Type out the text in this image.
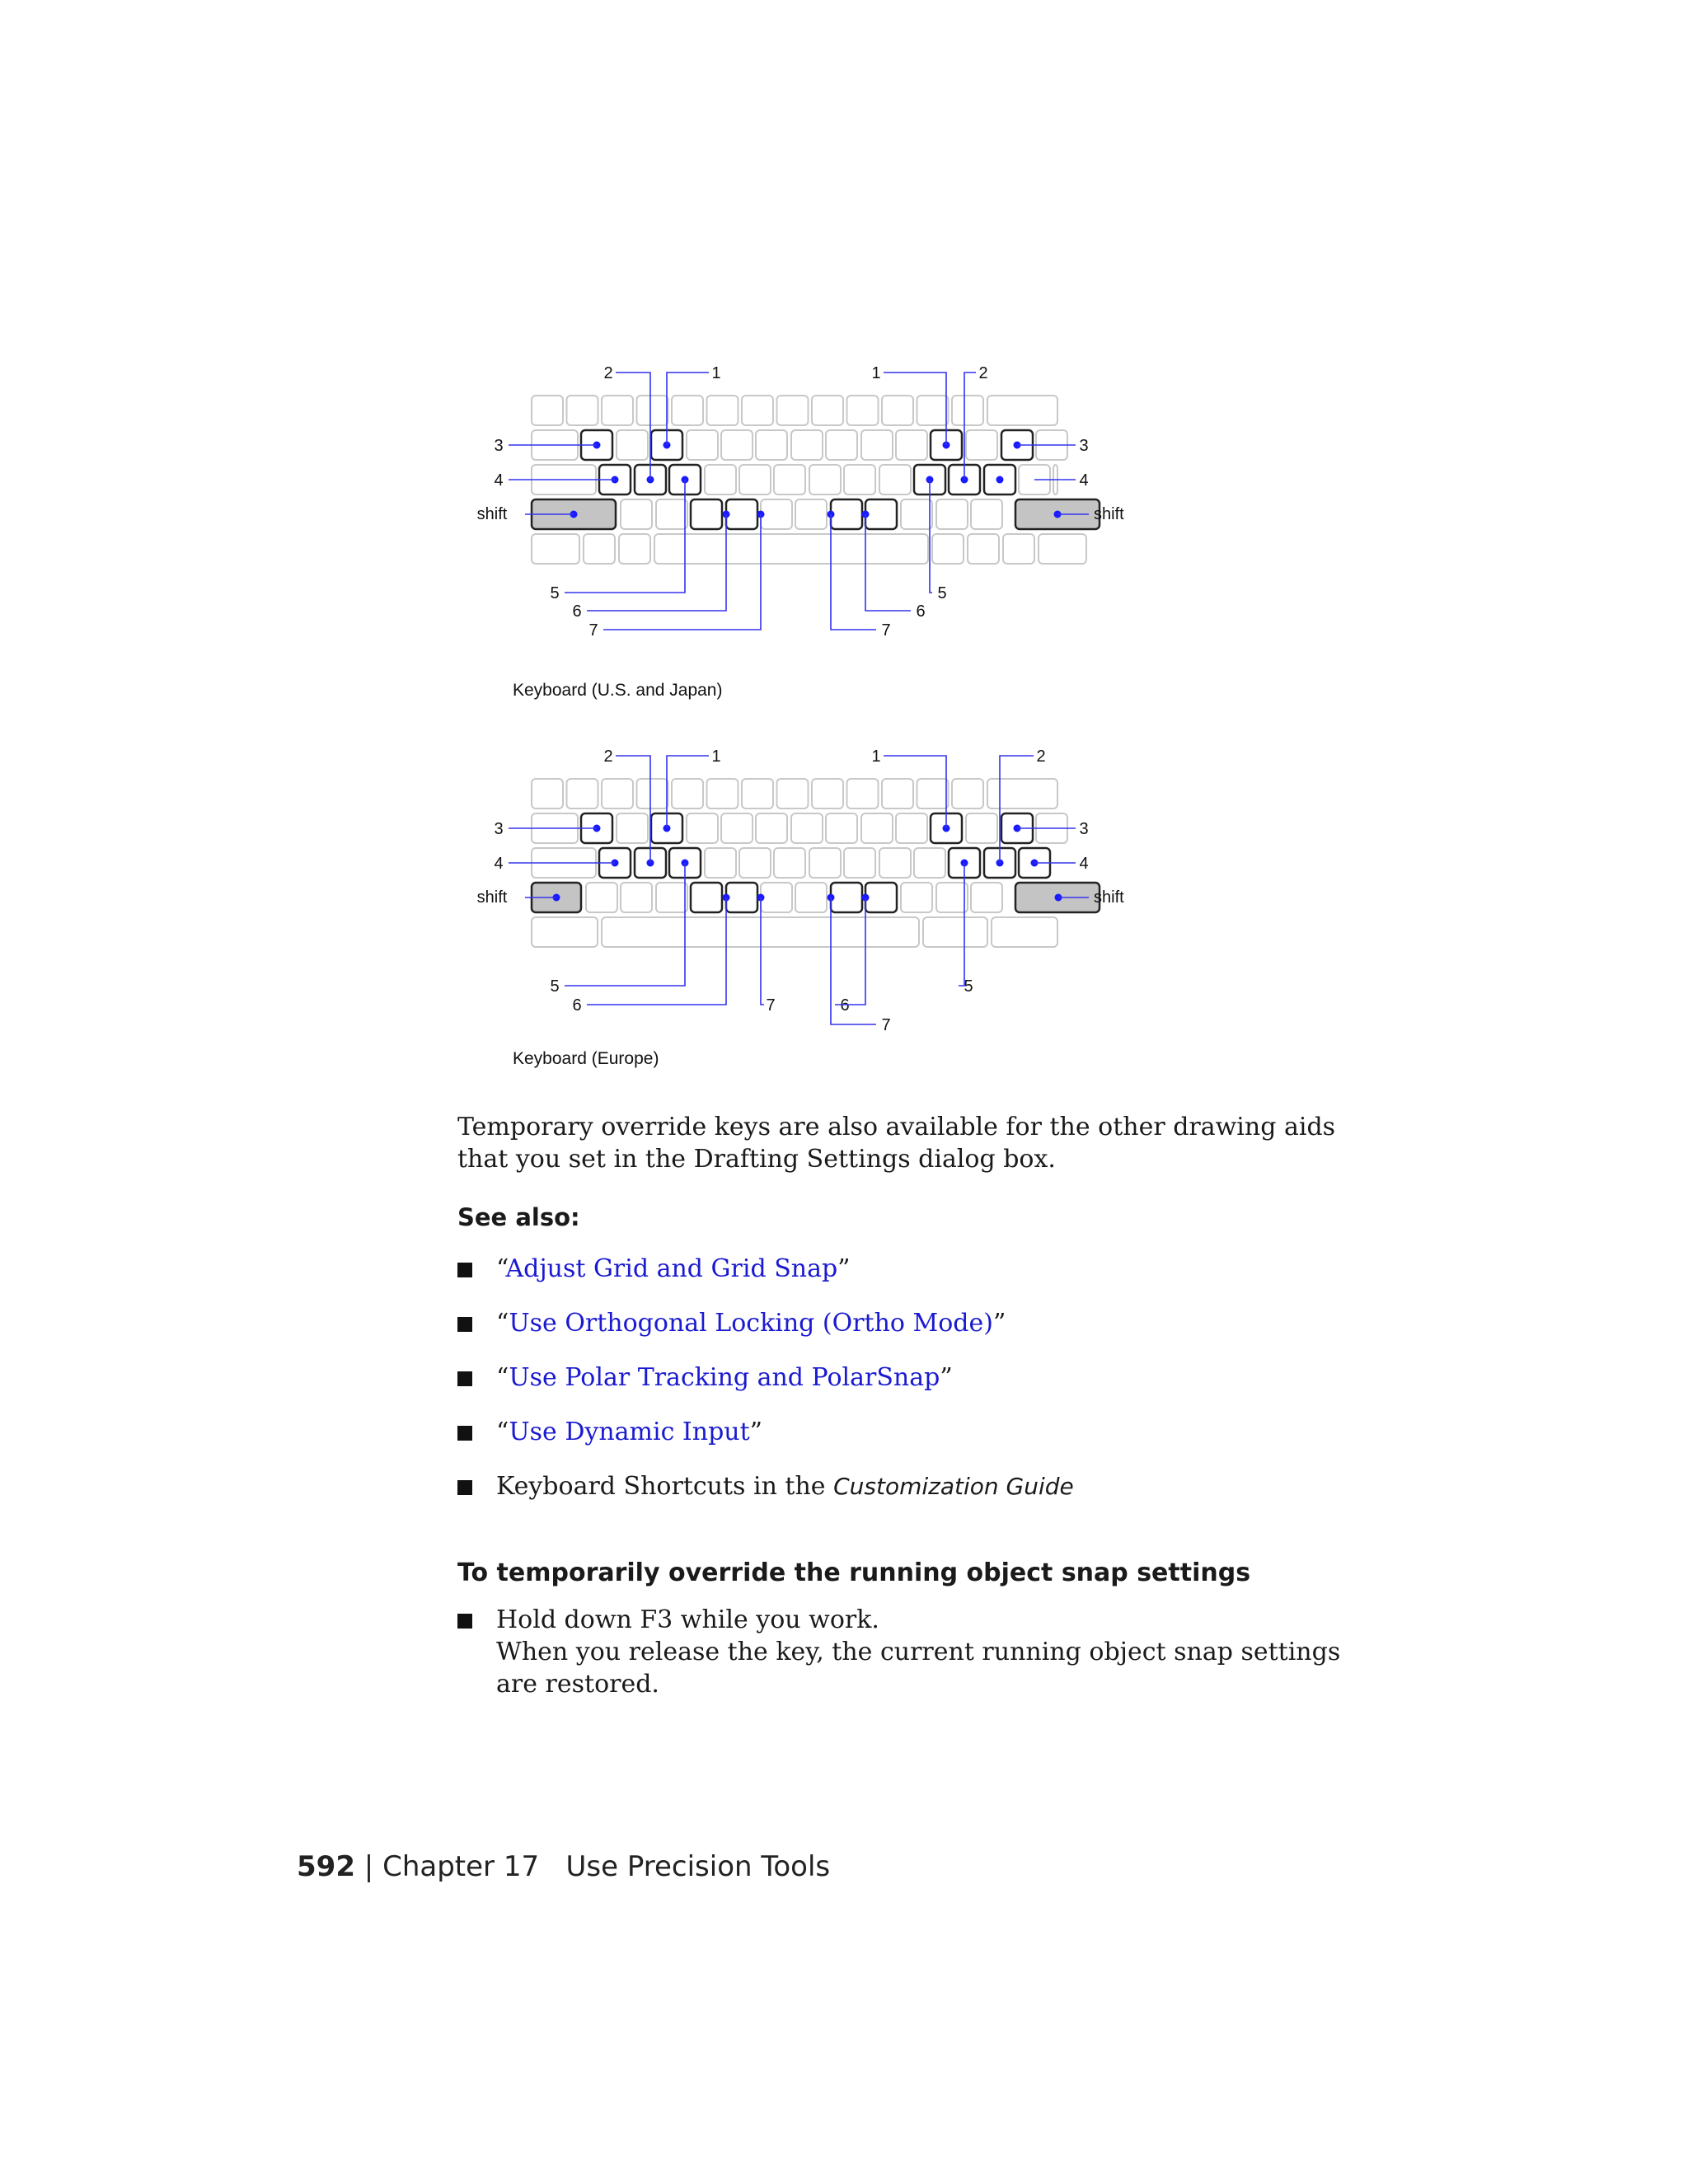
2	1	1	2
3
4
shift
3
4
shift
5
6
7	7
6
5
2	1	1	2
3
4
shift
3
4
shift
5
6	7
7
6
5
Keyboard (U.S. and Japan)
Keyboard (Europe)

Temporary override keys are also available for the other drawing aids that you set in the Drafting Settings dialog box.

See also:
“Adjust Grid and Grid Snap”
“Use Orthogonal Locking (Ortho Mode)”
“Use Polar Tracking and PolarSnap”
“Use Dynamic Input”
Keyboard Shortcuts in the Customization Guide
To temporarily override the running object snap settings
Hold down F3 while you work.
When you release the key, the current running object snap settings are restored.
592 | Chapter 17 Use Precision Tools
